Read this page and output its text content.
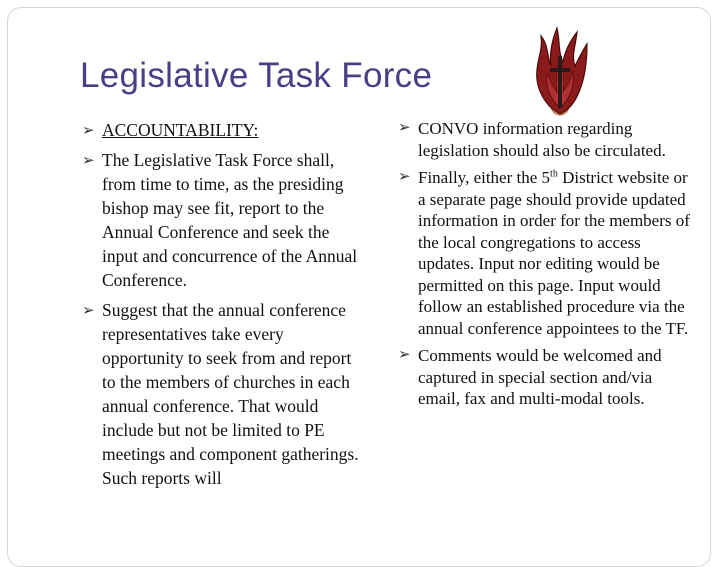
Legislative Task Force
➢ ACCOUNTABILITY:
➢ The Legislative Task Force shall, from time to time, as the presiding bishop may see fit, report to the Annual Conference and seek the input and concurrence of the Annual Conference.
➢ Suggest that the annual conference representatives take every opportunity to seek from and report to the members of churches in each annual conference. That would include but not be limited to PE meetings and component gatherings. Such reports will
➢ CONVO information regarding legislation should also be circulated.
➢ Finally, either the 5th District website or a separate page should provide updated information in order for the members of the local congregations to access updates. Input nor editing would be permitted on this page. Input would follow an established procedure via the annual conference appointees to the TF.
➢ Comments would be welcomed and captured in special section and/via email, fax and multi-modal tools.
